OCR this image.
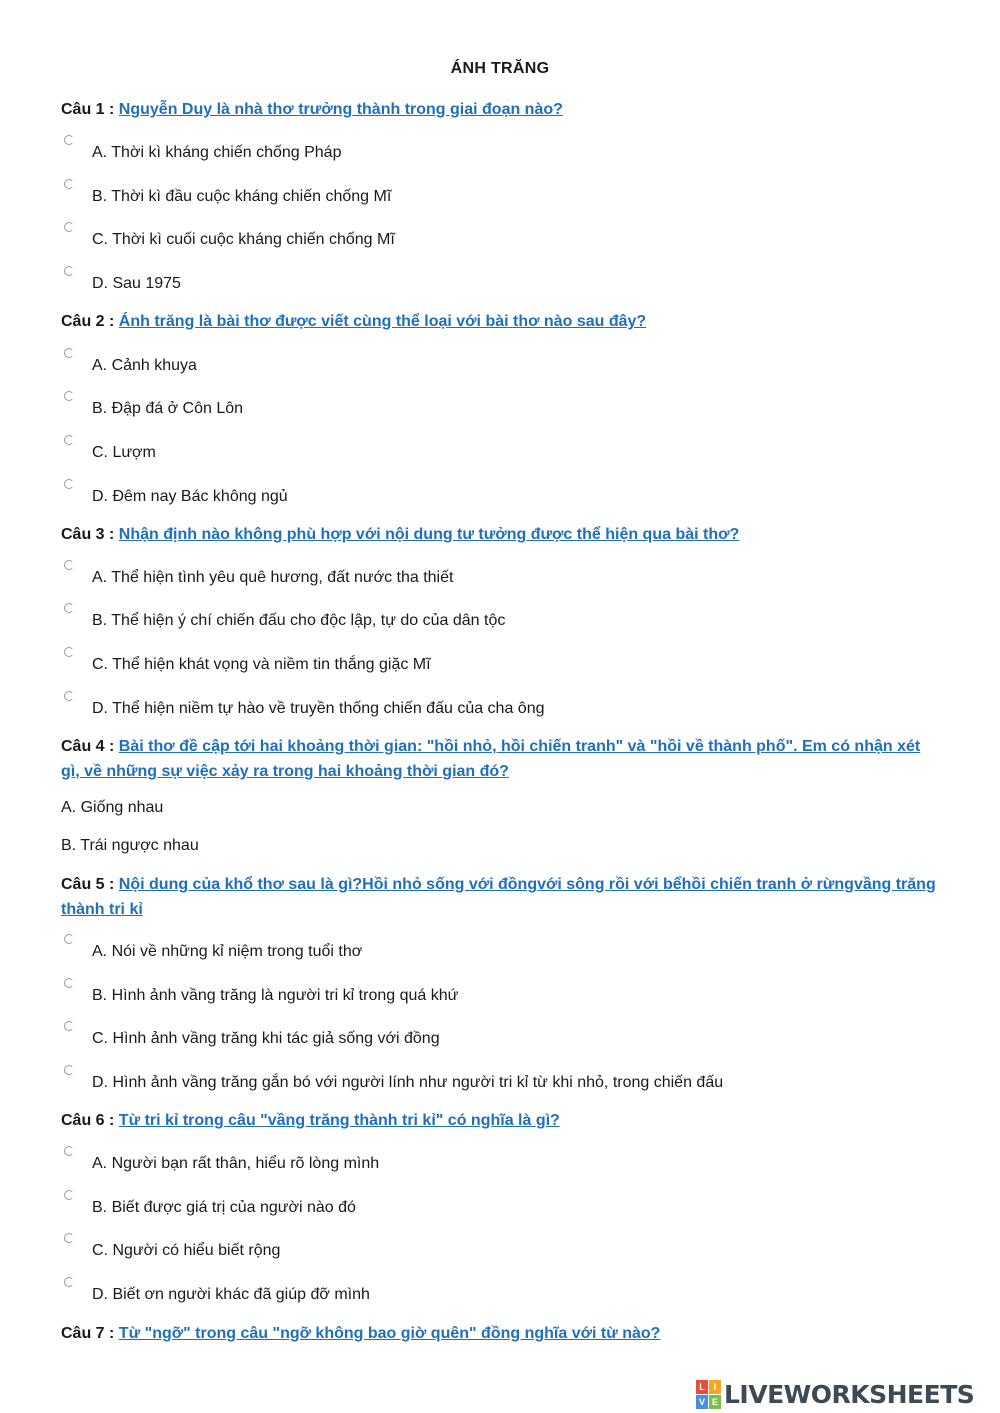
ÁNH TRĂNG
Câu 1 : Nguyễn Duy là nhà thơ trưởng thành trong giai đoạn nào?
A. Thời kì kháng chiến chống Pháp
B. Thời kì đầu cuộc kháng chiến chống Mĩ
C. Thời kì cuối cuộc kháng chiến chống Mĩ
D. Sau 1975
Câu 2 : Ánh trăng là bài thơ được viết cùng thể loại với bài thơ nào sau đây?
A. Cảnh khuya
B. Đập đá ở Côn Lôn
C. Lượm
D. Đêm nay Bác không ngủ
Câu 3 : Nhận định nào không phù hợp với nội dung tư tưởng được thể hiện qua bài thơ?
A. Thể hiện tình yêu quê hương, đất nước tha thiết
B. Thể hiện ý chí chiến đấu cho độc lập, tự do của dân tộc
C. Thể hiện khát vọng và niềm tin thắng giặc Mĩ
D. Thể hiện niềm tự hào về truyền thống chiến đấu của cha ông
Câu 4 : Bài thơ đề cập tới hai khoảng thời gian: "hồi nhỏ, hồi chiến tranh" và "hồi về thành phố". Em có nhận xét gì, về những sự việc xảy ra trong hai khoảng thời gian đó?
A. Giống nhau
B. Trái ngược nhau
Câu 5 : Nội dung của khổ thơ sau là gì?Hồi nhỏ sống với đồngvới sông rồi với bểhồi chiến tranh ở rừngvầng trăng thành tri kỉ
A. Nói về những kỉ niệm trong tuổi thơ
B. Hình ảnh vầng trăng là người tri kỉ trong quá khứ
C. Hình ảnh vầng trăng khi tác giả sống với đồng
D. Hình ảnh vầng trăng gắn bó với người lính như người tri kỉ từ khi nhỏ, trong chiến đấu
Câu 6 : Từ tri kỉ trong câu "vầng trăng thành tri kỉ" có nghĩa là gì?
A. Người bạn rất thân, hiểu rõ lòng mình
B. Biết được giá trị của người nào đó
C. Người có hiểu biết rộng
D. Biết ơn người khác đã giúp đỡ mình
Câu 7 : Từ "ngỡ" trong câu "ngỡ không bao giờ quên" đồng nghĩa với từ nào?
L I
V E LIVEWORKSHEETS
